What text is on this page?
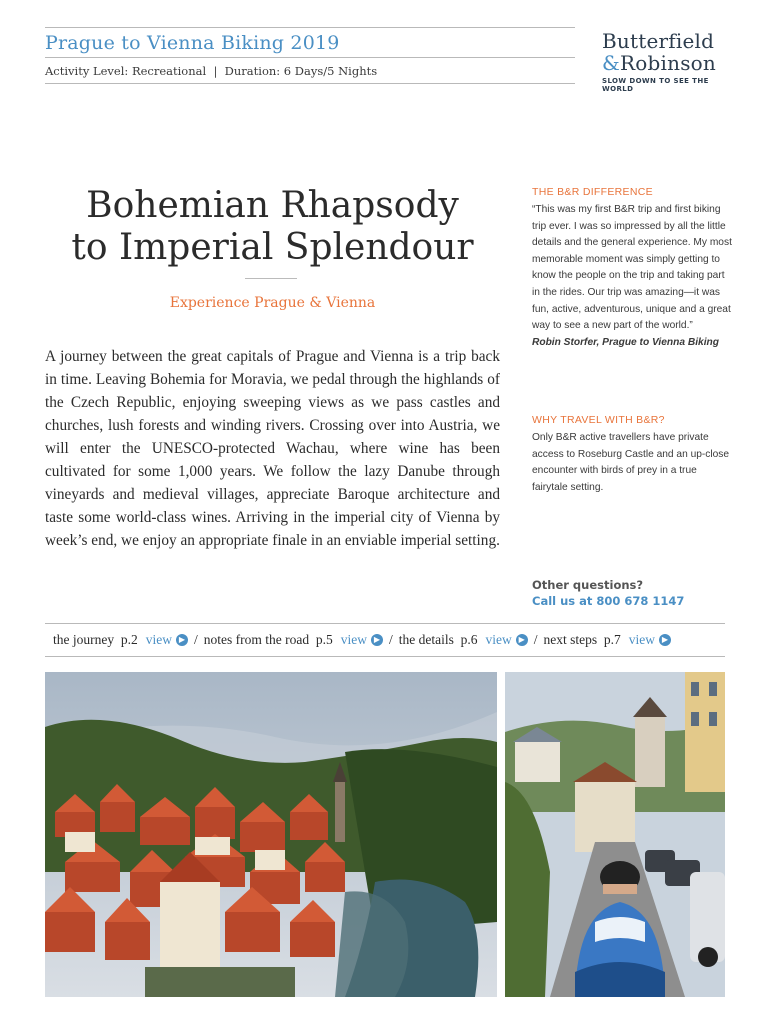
Prague to Vienna Biking 2019
Activity Level: Recreational  |  Duration: 6 Days/5 Nights
Butterfield
&Robinson
SLOW DOWN TO SEE THE WORLD
Bohemian Rhapsody
to Imperial Splendour
Experience Prague & Vienna

A journey between the great capitals of Prague and Vienna is a trip back in time. Leaving Bohemia for Moravia, we pedal through the highlands of the Czech Republic, enjoying sweeping views as we pass castles and churches, lush forests and winding rivers. Crossing over into Austria, we will enter the UNESCO-protected Wachau, where wine has been cultivated for some 1,000 years. We follow the lazy Danube through vineyards and medieval villages, appreciate Baroque architecture and taste some world-class wines. Arriving in the imperial city of Vienna by week’s end, we enjoy an appropriate finale in an enviable imperial setting.

THE B&R DIFFERENCE
“This was my first B&R trip and first biking trip ever. I was so impressed by all the little details and the general experience. My most memorable moment was simply getting to know the people on the trip and taking part in the rides. Our trip was amazing—it was fun, active, adventurous, unique and a great way to see a new part of the world.”
Robin Storfer, Prague to Vienna Biking
WHY TRAVEL WITH B&R?
Only B&R active travellers have private access to Roseburg Castle and an up-close encounter with birds of prey in a true fairytale setting.
Other questions?
Call us at 800 678 1147
the journey  p.2 view ▶ / notes from the road  p.5 view ▶ / the details  p.6 view ▶ / next steps  p.7 view ▶
